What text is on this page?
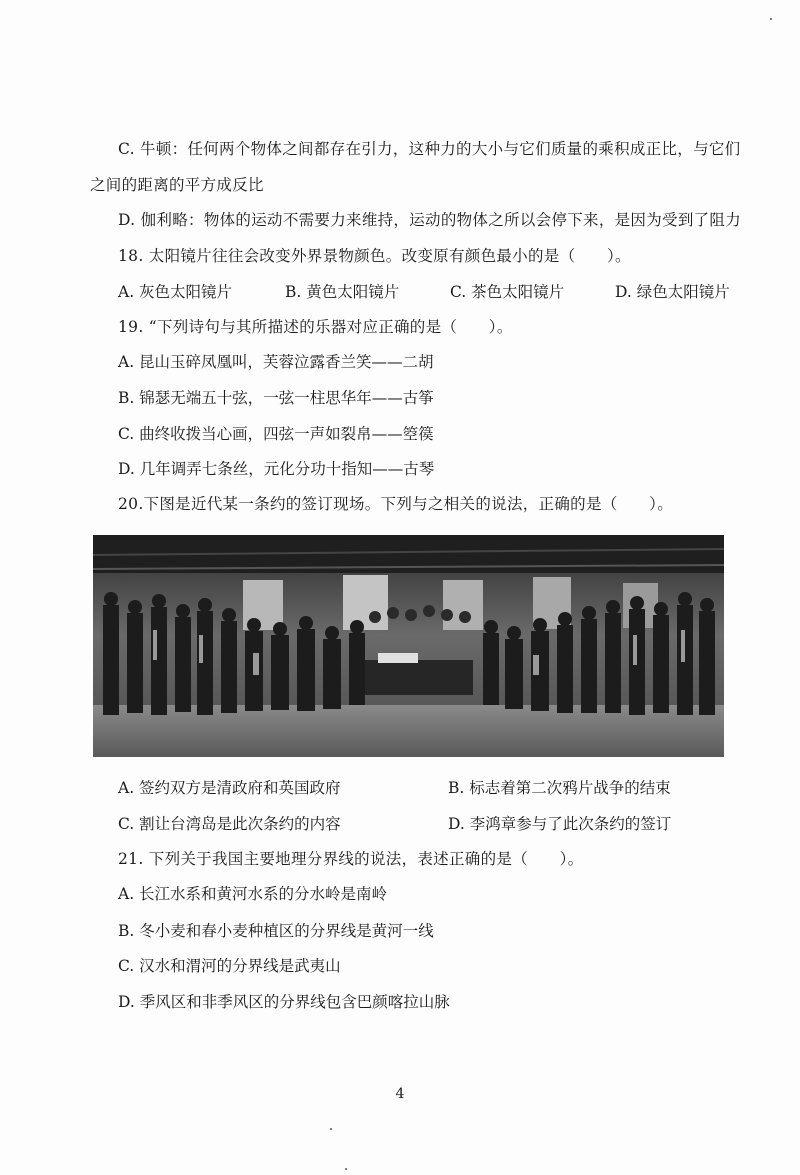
C. 牛顿：任何两个物体之间都存在引力，这种力的大小与它们质量的乘积成正比，与它们
之间的距离的平方成反比
D. 伽利略：物体的运动不需要力来维持，运动的物体之所以会停下来，是因为受到了阻力
18. 太阳镜片往往会改变外界景物颜色。改变原有颜色最小的是（　　）。
A. 灰色太阳镜片	B. 黄色太阳镜片	C. 茶色太阳镜片	D. 绿色太阳镜片
19. “下列诗句与其所描述的乐器对应正确的是（　　）。
A. 昆山玉碎凤凰叫，芙蓉泣露香兰笑——二胡
B. 锦瑟无端五十弦，一弦一柱思华年——古筝
C. 曲终收拨当心画，四弦一声如裂帛——箜篌
D. 几年调弄七条丝，元化分功十指知——古琴
20.下图是近代某一条约的签订现场。下列与之相关的说法，正确的是（　　）。
A. 签约双方是清政府和英国政府	B. 标志着第二次鸦片战争的结束
C. 割让台湾岛是此次条约的内容	D. 李鸿章参与了此次条约的签订
21. 下列关于我国主要地理分界线的说法，表述正确的是（　　）。
A. 长江水系和黄河水系的分水岭是南岭
B. 冬小麦和春小麦种植区的分界线是黄河一线
C. 汉水和渭河的分界线是武夷山
D. 季风区和非季风区的分界线包含巴颜喀拉山脉
4
